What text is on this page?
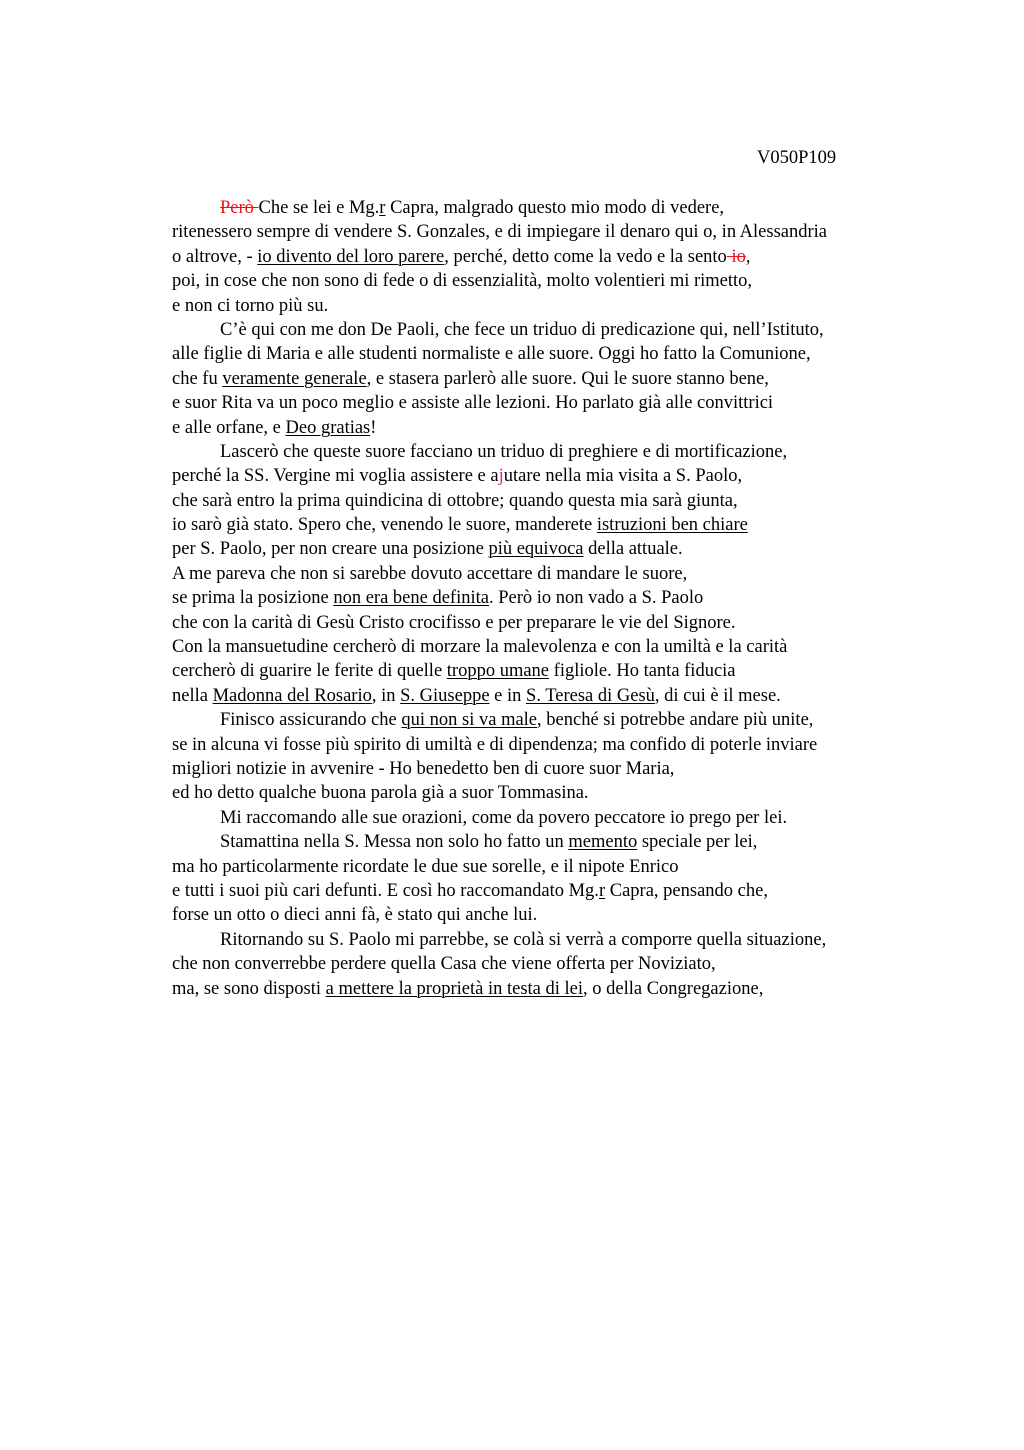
V050P109
Però Che se lei e Mg.r Capra, malgrado questo mio modo di vedere,
ritenessero sempre di vendere S. Gonzales, e di impiegare il denaro qui o, in Alessandria
o altrove, - io divento del loro parere, perché, detto come la vedo e la sento io,
poi, in cose che non sono di fede o di essenzialità, molto volentieri mi rimetto,
e non ci torno più su.
C’è qui con me don De Paoli, che fece un triduo di predicazione qui, nell’Istituto,
alle figlie di Maria e alle studenti normaliste e alle suore. Oggi ho fatto la Comunione,
che fu veramente generale, e stasera parlerò alle suore. Qui le suore stanno bene,
e suor Rita va un poco meglio e assiste alle lezioni. Ho parlato già alle convittrici
e alle orfane, e Deo gratias!
Lascerò che queste suore facciano un triduo di preghiere e di mortificazione,
perché la SS. Vergine mi voglia assistere e ajutare nella mia visita a S. Paolo,
che sarà entro la prima quindicina di ottobre; quando questa mia sarà giunta,
io sarò già stato. Spero che, venendo le suore, manderete istruzioni ben chiare
per S. Paolo, per non creare una posizione più equivoca della attuale.
A me pareva che non si sarebbe dovuto accettare di mandare le suore,
se prima la posizione non era bene definita. Però io non vado a S. Paolo
che con la carità di Gesù Cristo crocifisso e per preparare le vie del Signore.
Con la mansuetudine cercherò di morzare la malevolenza e con la umiltà e la carità
cercherò di guarire le ferite di quelle troppo umane figliole. Ho tanta fiducia
nella Madonna del Rosario, in S. Giuseppe e in S. Teresa di Gesù, di cui è il mese.
Finisco assicurando che qui non si va male, benché si potrebbe andare più unite,
se in alcuna vi fosse più spirito di umiltà e di dipendenza; ma confido di poterle inviare
migliori notizie in avvenire - Ho benedetto ben di cuore suor Maria,
ed ho detto qualche buona parola già a suor Tommasina.
Mi raccomando alle sue orazioni, come da povero peccatore io prego per lei.
Stamattina nella S. Messa non solo ho fatto un memento speciale per lei,
ma ho particolarmente ricordate le due sue sorelle, e il nipote Enrico
e tutti i suoi più cari defunti. E così ho raccomandato Mg.r Capra, pensando che,
forse un otto o dieci anni fà, è stato qui anche lui.
Ritornando su S. Paolo mi parrebbe, se colà si verrà a comporre quella situazione,
che non converrebbe perdere quella Casa che viene offerta per Noviziato,
ma, se sono disposti a mettere la proprietà in testa di lei, o della Congregazione,
